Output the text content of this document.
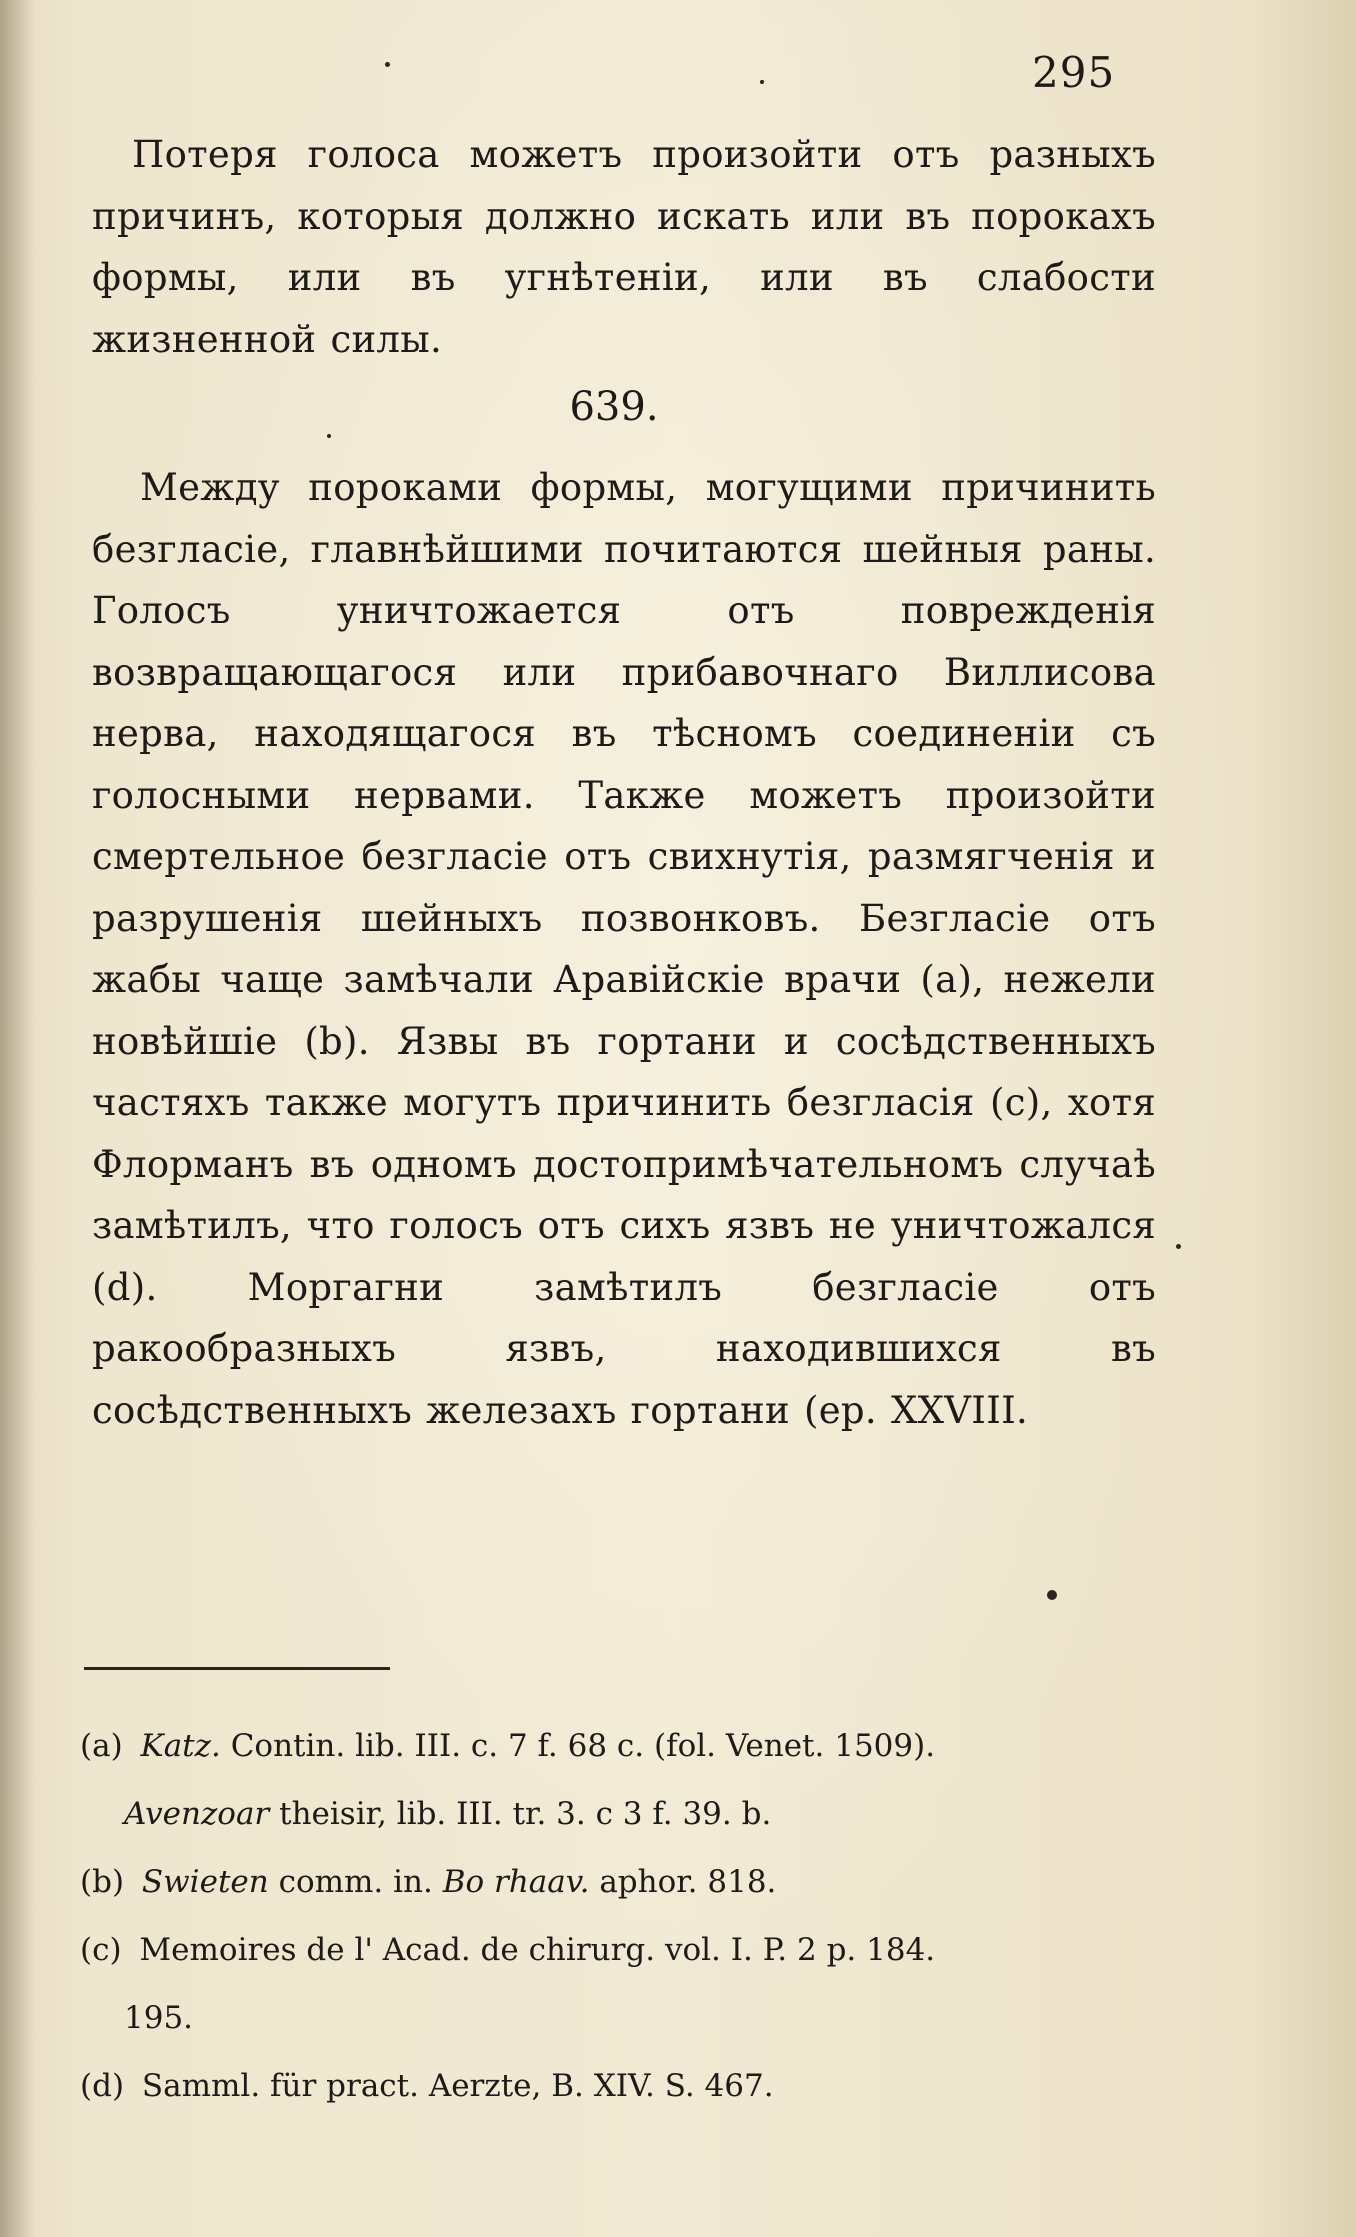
295

Потеря голоса можетъ произойти отъ разныхъ причинъ, которыя должно искать или въ порокахъ формы, или въ угнѣтеніи, или въ слабости жизненной силы.

639.

Между пороками формы, могущими причинить безгласіе, главнѣйшими почитаются шейныя раны. Голосъ уничтожается отъ поврежденія возвращающагося или прибавочнаго Виллисова нерва, находящагося въ тѣсномъ соединеніи съ голосными нервами. Также можетъ произойти смертельное безгласіе отъ свихнутія, размягченія и разрушенія шейныхъ позвонковъ. Безгласіе отъ жабы чаще замѣчали Аравійскіе врачи (а), нежели новѣйшіе (b). Язвы въ гортани и сосѣдственныхъ частяхъ также могутъ причинить безгласія (с), хотя Флорманъ въ одномъ достопримѣчательномъ случаѣ замѣтилъ, что голосъ отъ сихъ язвъ не уничтожался (d). Моргагни замѣтилъ безгласіе отъ ракообразныхъ язвъ, находившихся въ сосѣдственныхъ железахъ гортани (ep. XXVIII.

(a) Katz. Contin. lib. III. c. 7 f. 68 c. (fol. Venet. 1509).
Avenzoar theisir, lib. III. tr. 3. c 3 f. 39. b.
(b) Swieten comm. in. Bo rhaav. aphor. 818.
(c) Memoires de l' Acad. de chirurg. vol. I. P. 2 p. 184.
195.
(d) Samml. für pract. Aerzte, B. XIV. S. 467.
